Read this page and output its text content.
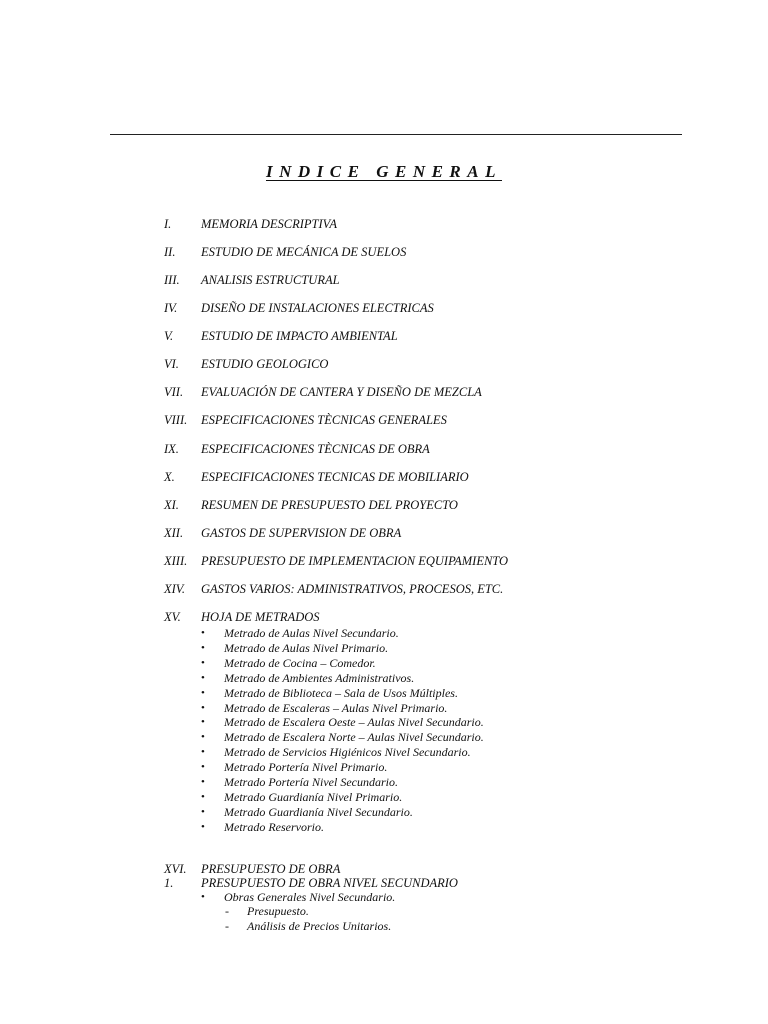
INDICE GENERAL
I. MEMORIA DESCRIPTIVA
II. ESTUDIO DE MECÁNICA DE SUELOS
III. ANALISIS ESTRUCTURAL
IV. DISEÑO DE INSTALACIONES ELECTRICAS
V. ESTUDIO DE IMPACTO AMBIENTAL
VI. ESTUDIO GEOLOGICO
VII. EVALUACIÓN DE CANTERA Y DISEÑO DE MEZCLA
VIII. ESPECIFICACIONES TÈCNICAS GENERALES
IX. ESPECIFICACIONES TÈCNICAS DE OBRA
X. ESPECIFICACIONES TECNICAS DE MOBILIARIO
XI. RESUMEN DE PRESUPUESTO DEL PROYECTO
XII. GASTOS DE SUPERVISION DE OBRA
XIII. PRESUPUESTO DE IMPLEMENTACION EQUIPAMIENTO
XIV. GASTOS VARIOS: ADMINISTRATIVOS, PROCESOS, ETC.
XV. HOJA DE METRADOS
• Metrado de Aulas Nivel Secundario.
• Metrado de Aulas Nivel Primario.
• Metrado de Cocina – Comedor.
• Metrado de Ambientes Administrativos.
• Metrado de Biblioteca – Sala de Usos Múltiples.
• Metrado de Escaleras – Aulas Nivel Primario.
• Metrado de Escalera Oeste – Aulas Nivel Secundario.
• Metrado de Escalera Norte – Aulas Nivel Secundario.
• Metrado de Servicios Higiénicos Nivel Secundario.
• Metrado Portería Nivel Primario.
• Metrado Portería Nivel Secundario.
• Metrado Guardianía Nivel Primario.
• Metrado Guardianía Nivel Secundario.
• Metrado Reservorio.
XVI. PRESUPUESTO DE OBRA
1. PRESUPUESTO DE OBRA NIVEL SECUNDARIO
• Obras Generales Nivel Secundario.
- Presupuesto.
- Análisis de Precios Unitarios.
